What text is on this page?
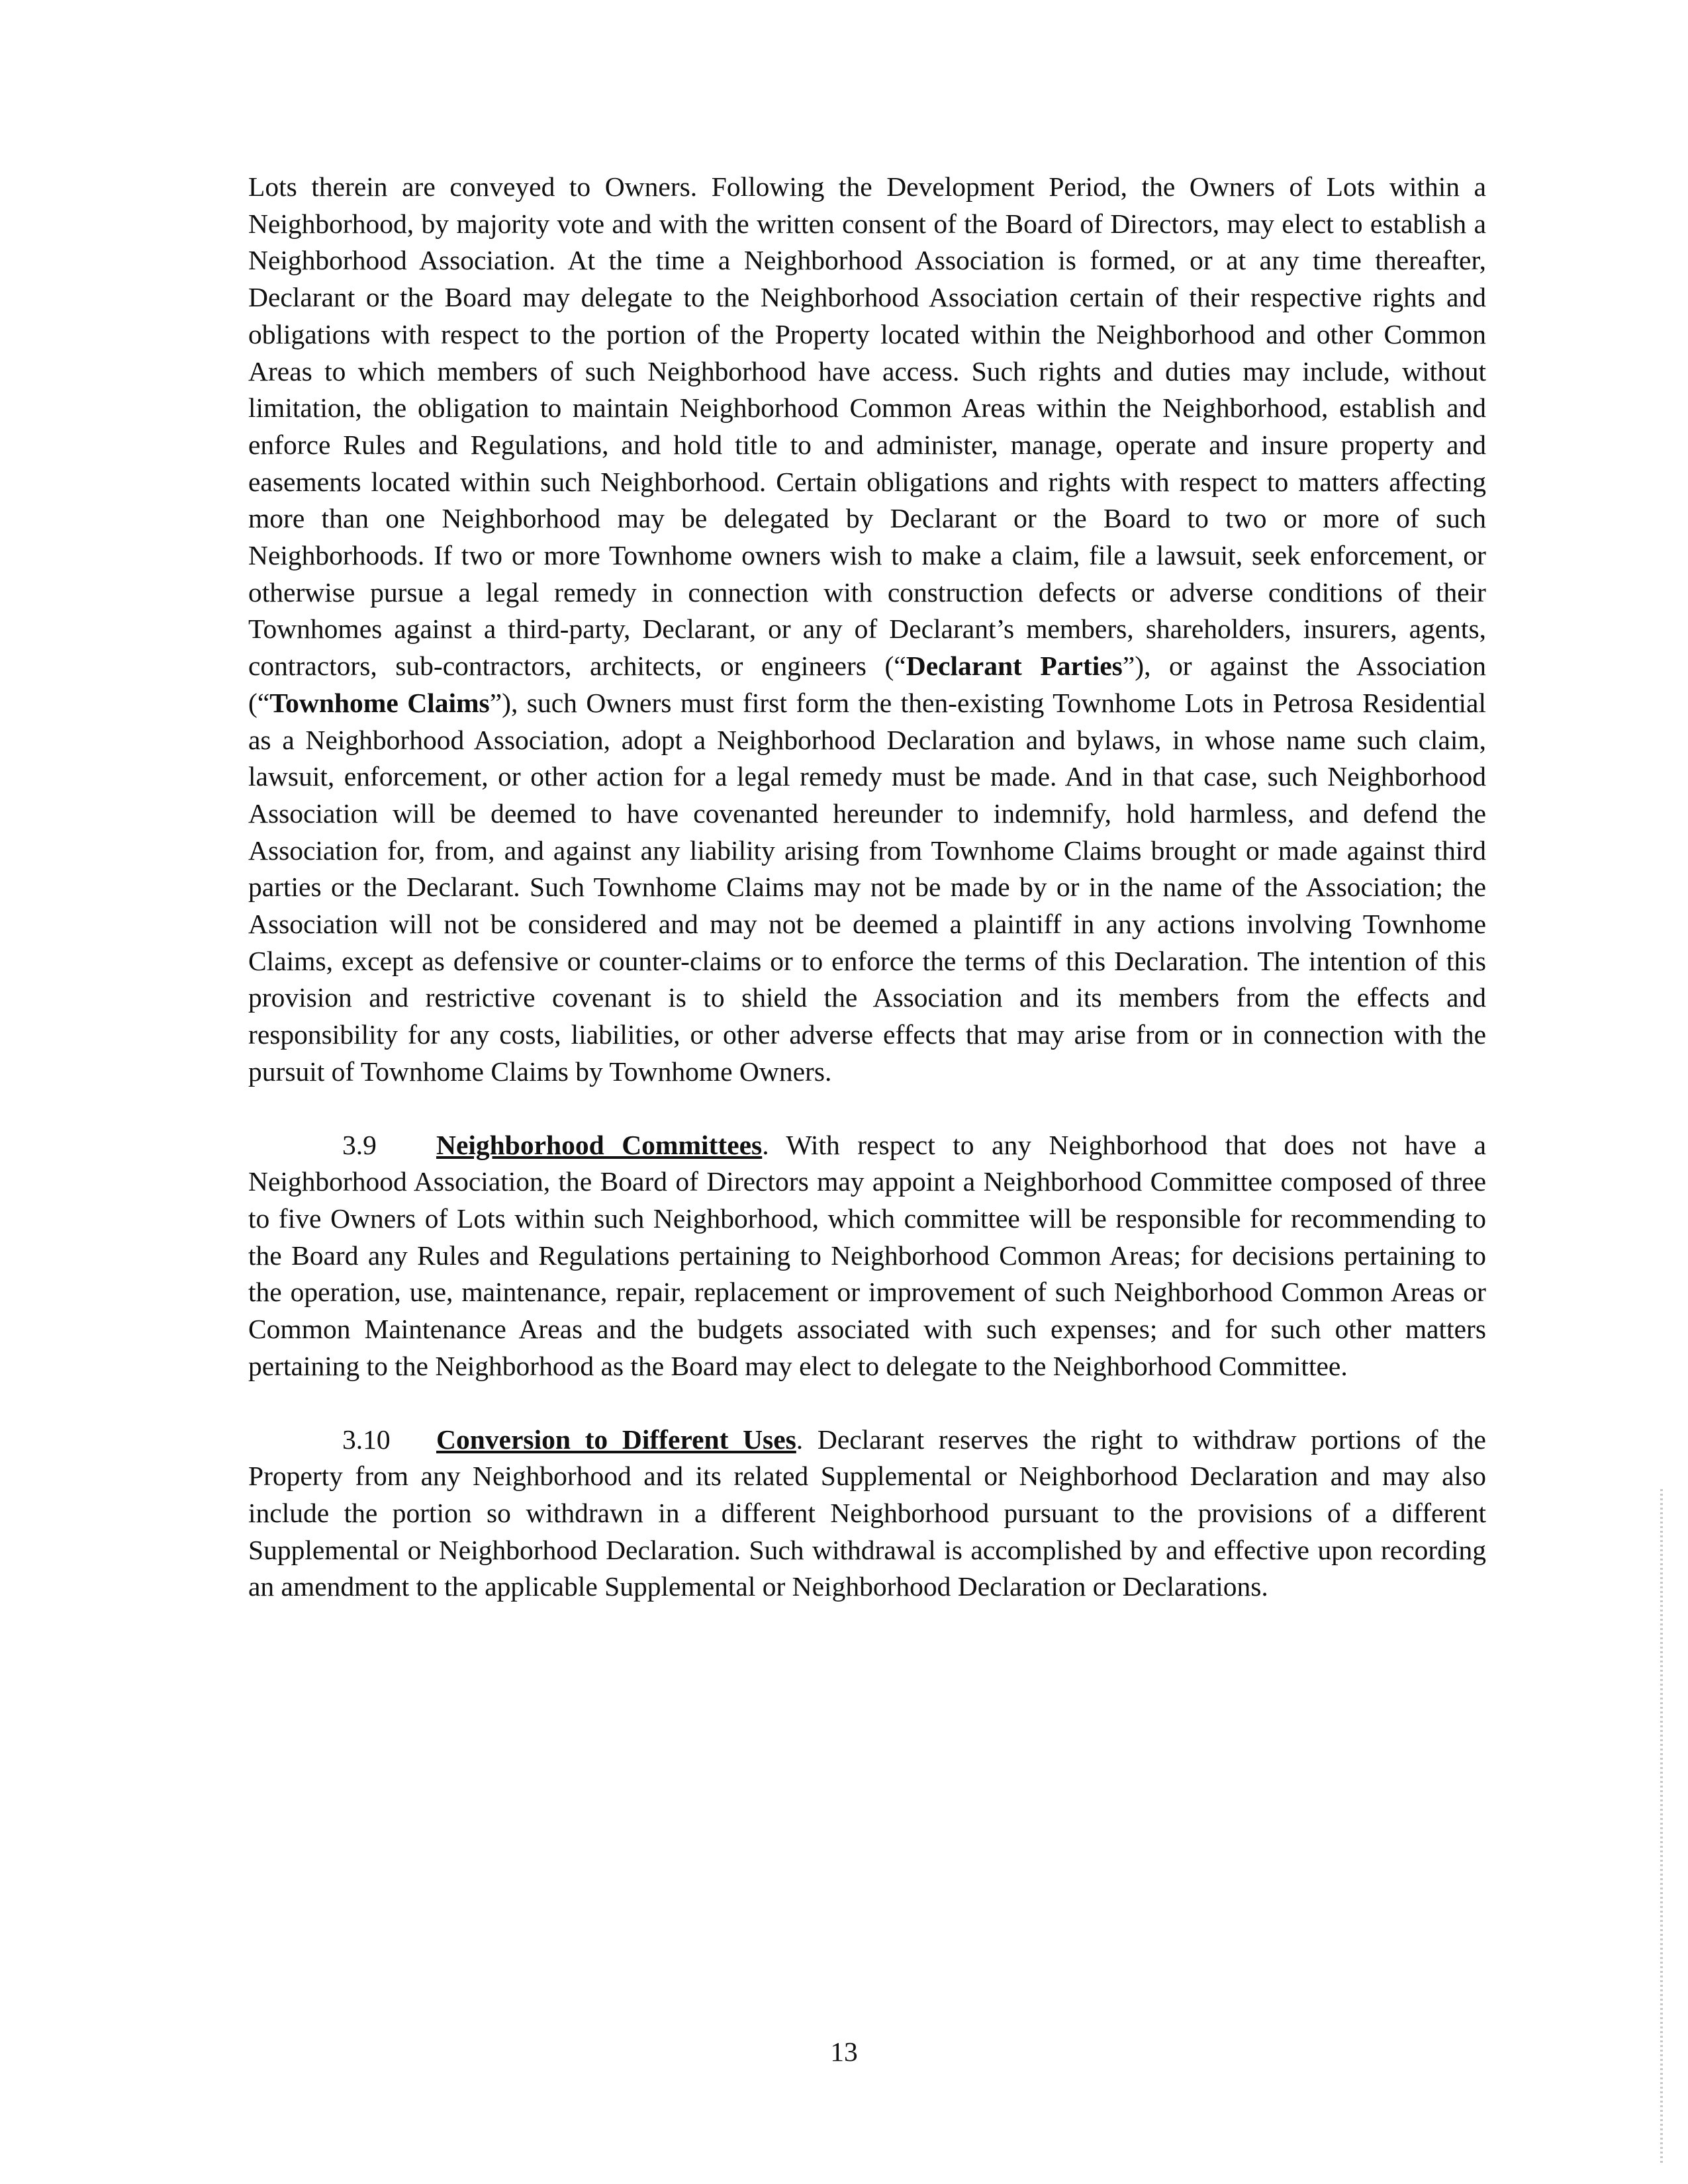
Lots therein are conveyed to Owners. Following the Development Period, the Owners of Lots within a Neighborhood, by majority vote and with the written consent of the Board of Directors, may elect to establish a Neighborhood Association. At the time a Neighborhood Association is formed, or at any time thereafter, Declarant or the Board may delegate to the Neighborhood Association certain of their respective rights and obligations with respect to the portion of the Property located within the Neighborhood and other Common Areas to which members of such Neighborhood have access. Such rights and duties may include, without limitation, the obligation to maintain Neighborhood Common Areas within the Neighborhood, establish and enforce Rules and Regulations, and hold title to and administer, manage, operate and insure property and easements located within such Neighborhood. Certain obligations and rights with respect to matters affecting more than one Neighborhood may be delegated by Declarant or the Board to two or more of such Neighborhoods. If two or more Townhome owners wish to make a claim, file a lawsuit, seek enforcement, or otherwise pursue a legal remedy in connection with construction defects or adverse conditions of their Townhomes against a third-party, Declarant, or any of Declarant’s members, shareholders, insurers, agents, contractors, sub-contractors, architects, or engineers (“Declarant Parties”), or against the Association (“Townhome Claims”), such Owners must first form the then-existing Townhome Lots in Petrosa Residential as a Neighborhood Association, adopt a Neighborhood Declaration and bylaws, in whose name such claim, lawsuit, enforcement, or other action for a legal remedy must be made. And in that case, such Neighborhood Association will be deemed to have covenanted hereunder to indemnify, hold harmless, and defend the Association for, from, and against any liability arising from Townhome Claims brought or made against third parties or the Declarant. Such Townhome Claims may not be made by or in the name of the Association; the Association will not be considered and may not be deemed a plaintiff in any actions involving Townhome Claims, except as defensive or counter-claims or to enforce the terms of this Declaration. The intention of this provision and restrictive covenant is to shield the Association and its members from the effects and responsibility for any costs, liabilities, or other adverse effects that may arise from or in connection with the pursuit of Townhome Claims by Townhome Owners.

3.9 Neighborhood Committees. With respect to any Neighborhood that does not have a Neighborhood Association, the Board of Directors may appoint a Neighborhood Committee composed of three to five Owners of Lots within such Neighborhood, which committee will be responsible for recommending to the Board any Rules and Regulations pertaining to Neighborhood Common Areas; for decisions pertaining to the operation, use, maintenance, repair, replacement or improvement of such Neighborhood Common Areas or Common Maintenance Areas and the budgets associated with such expenses; and for such other matters pertaining to the Neighborhood as the Board may elect to delegate to the Neighborhood Committee.

3.10 Conversion to Different Uses. Declarant reserves the right to withdraw portions of the Property from any Neighborhood and its related Supplemental or Neighborhood Declaration and may also include the portion so withdrawn in a different Neighborhood pursuant to the provisions of a different Supplemental or Neighborhood Declaration. Such withdrawal is accomplished by and effective upon recording an amendment to the applicable Supplemental or Neighborhood Declaration or Declarations.

13
